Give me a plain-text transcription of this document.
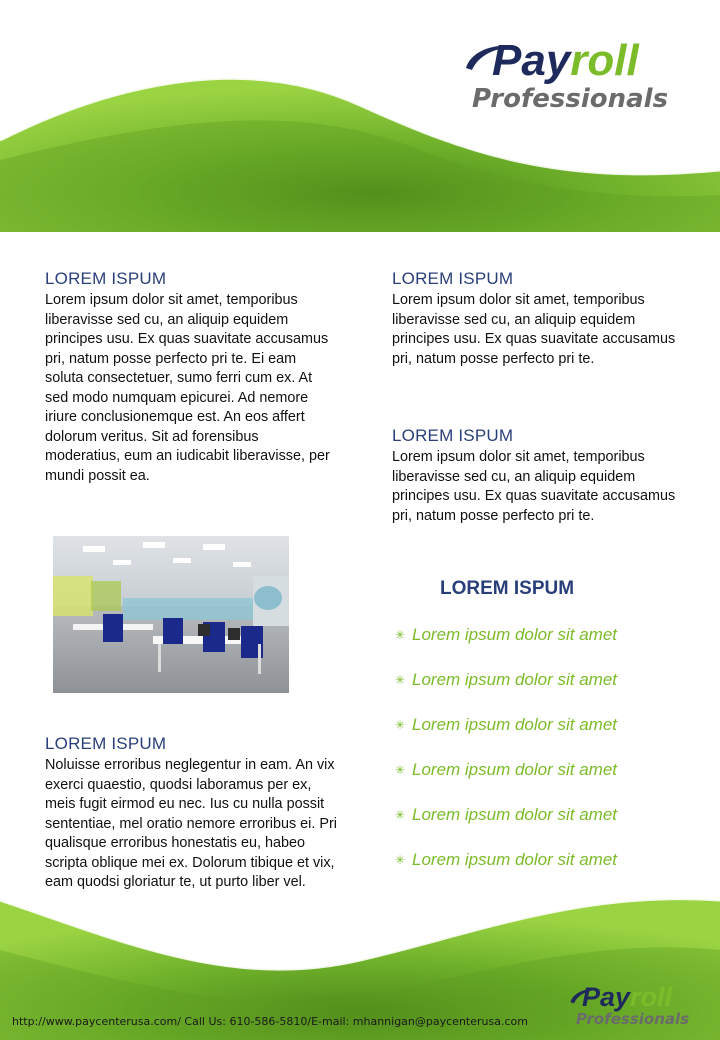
Payroll
Professionals
LOREM ISPUM

Lorem ipsum dolor sit amet, temporibus liberavisse sed cu, an aliquip equidem principes usu. Ex quas suavitate accusamus pri, natum posse perfecto pri te. Ei eam soluta consectetuer, sumo ferri cum ex. At sed modo numquam epicurei. Ad nemore iriure conclusionemque est. An eos affert dolorum veritus. Sit ad forensibus moderatius, eum an iudicabit liberavisse, per mundi possit ea.

LOREM ISPUM

Noluisse erroribus neglegentur in eam. An vix exerci quaestio, quodsi laboramus per ex, meis fugit eirmod eu nec. Ius cu nulla possit sententiae, mel oratio nemore erroribus ei. Pri qualisque erroribus honestatis eu, habeo scripta oblique mei ex. Dolorum tibique et vix, eam quodsi gloriatur te, ut purto liber vel.

LOREM ISPUM

Lorem ipsum dolor sit amet, temporibus liberavisse sed cu, an aliquip equidem principes usu. Ex quas suavitate accusamus pri, natum posse perfecto pri te.

LOREM ISPUM

Lorem ipsum dolor sit amet, temporibus liberavisse sed cu, an aliquip equidem principes usu. Ex quas suavitate accusamus pri, natum posse perfecto pri te.

LOREM ISPUM
✳ Lorem ipsum dolor sit amet
✳ Lorem ipsum dolor sit amet
✳ Lorem ipsum dolor sit amet
✳ Lorem ipsum dolor sit amet
✳ Lorem ipsum dolor sit amet
✳ Lorem ipsum dolor sit amet
Payroll
Professionals
http://www.paycenterusa.com/ Call Us: 610-586-5810/E-mail: mhannigan@paycenterusa.com
